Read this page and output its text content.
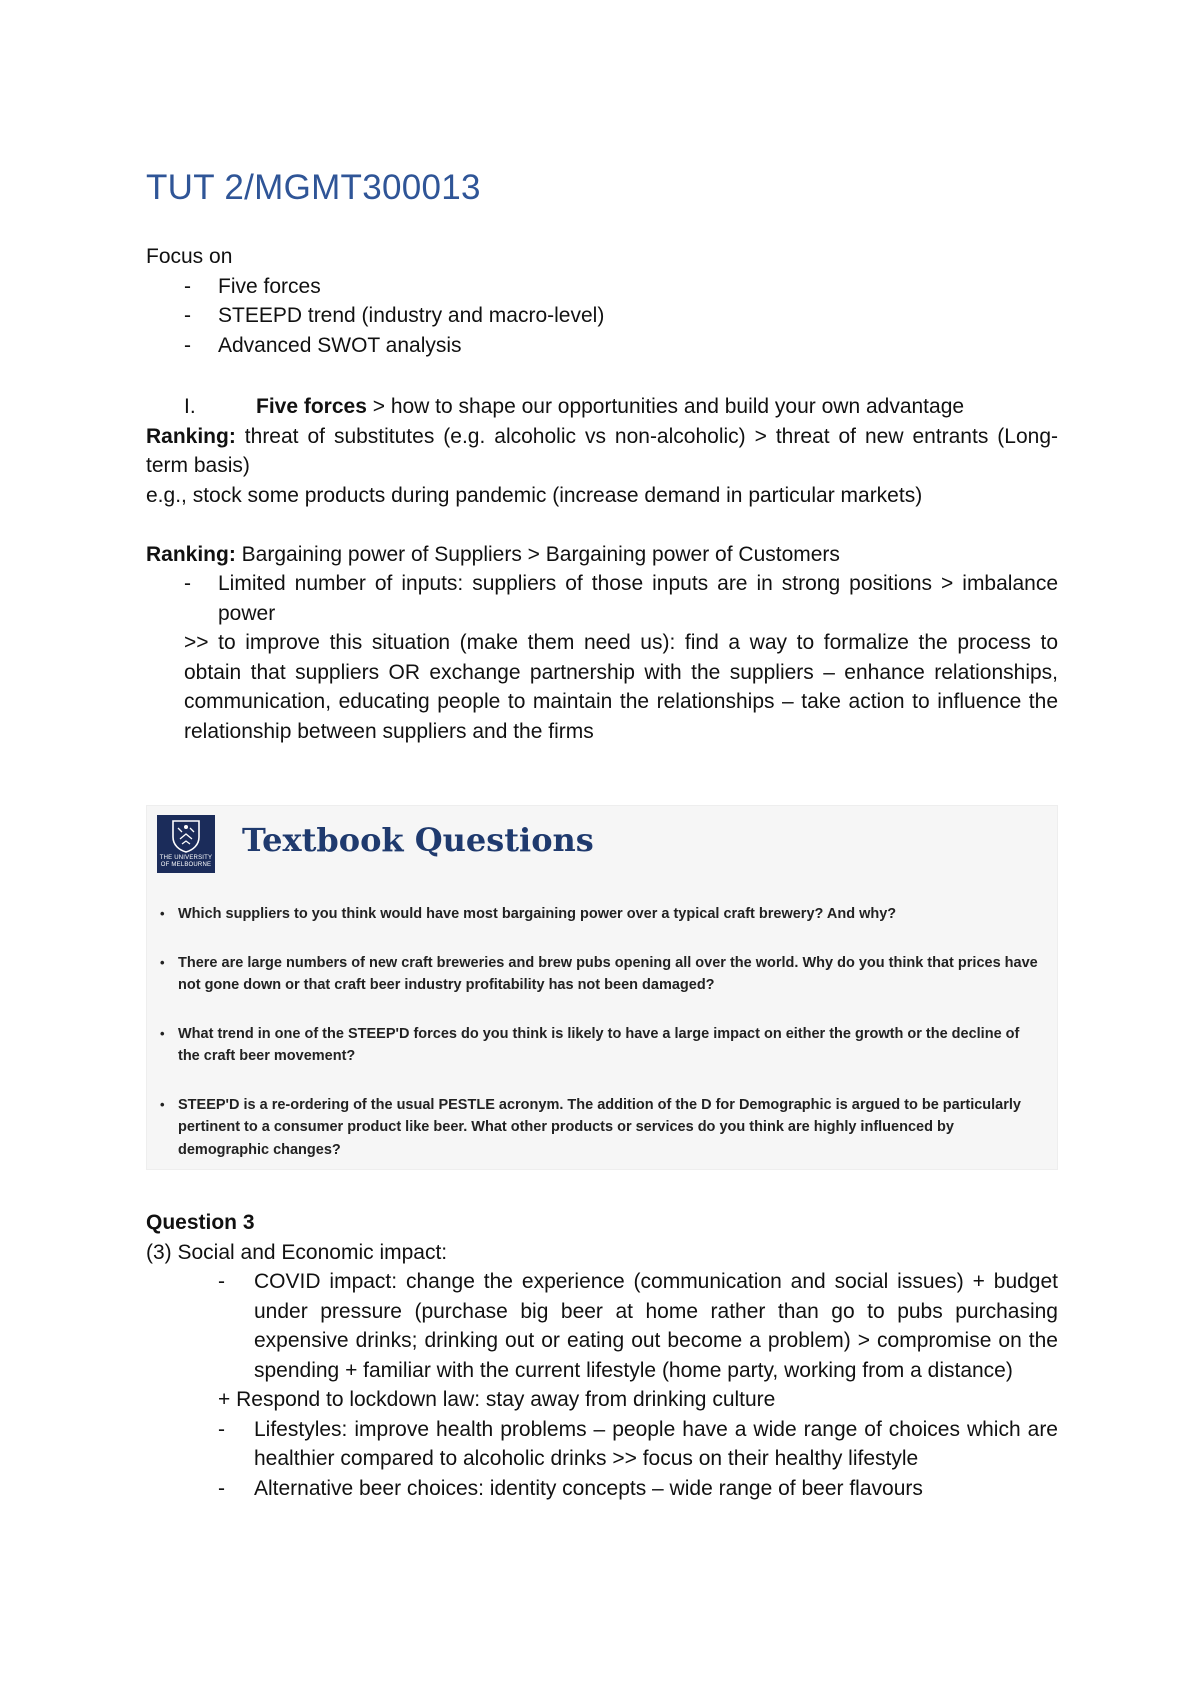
TUT 2/MGMT300013

Focus on

- Five forces
- STEEPD trend (industry and macro-level)
- Advanced SWOT analysis
I.	Five forces > how to shape our opportunities and build your own advantage

Ranking: threat of substitutes (e.g. alcoholic vs non-alcoholic) > threat of new entrants (Long-term basis)

e.g., stock some products during pandemic (increase demand in particular markets)

Ranking: Bargaining power of Suppliers > Bargaining power of Customers

- Limited number of inputs: suppliers of those inputs are in strong positions > imbalance power

>> to improve this situation (make them need us): find a way to formalize the process to obtain that suppliers OR exchange partnership with the suppliers – enhance relationships, communication, educating people to maintain the relationships – take action to influence the relationship between suppliers and the firms

THE UNIVERSITY OF MELBOURNE
Textbook Questions
• Which suppliers to you think would have most bargaining power over a typical craft brewery? And why?
• There are large numbers of new craft breweries and brew pubs opening all over the world. Why do you think that prices have not gone down or that craft beer industry profitability has not been damaged?
• What trend in one of the STEEP'D forces do you think is likely to have a large impact on either the growth or the decline of the craft beer movement?
• STEEP'D is a re-ordering of the usual PESTLE acronym. The addition of the D for Demographic is argued to be particularly pertinent to a consumer product like beer. What other products or services do you think are highly influenced by demographic changes?

Question 3

(3) Social and Economic impact:

- COVID impact: change the experience (communication and social issues) + budget under pressure (purchase big beer at home rather than go to pubs purchasing expensive drinks; drinking out or eating out become a problem) > compromise on the spending + familiar with the current lifestyle (home party, working from a distance)

+ Respond to lockdown law: stay away from drinking culture

- Lifestyles: improve health problems – people have a wide range of choices which are healthier compared to alcoholic drinks >> focus on their healthy lifestyle
- Alternative beer choices: identity concepts – wide range of beer flavours
